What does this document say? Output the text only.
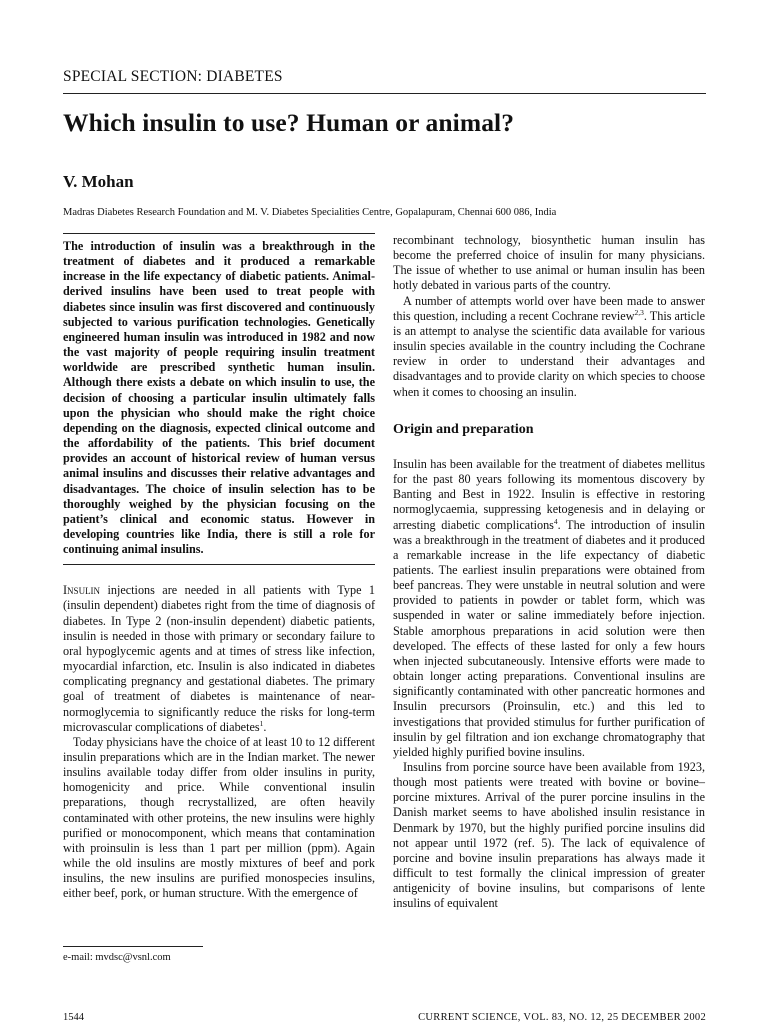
SPECIAL SECTION: DIABETES
Which insulin to use? Human or animal?
V. Mohan
Madras Diabetes Research Foundation and M. V. Diabetes Specialities Centre, Gopalapuram, Chennai 600 086, India

The introduction of insulin was a breakthrough in the treatment of diabetes and it produced a remarkable increase in the life expectancy of diabetic patients. Animal-derived insulins have been used to treat people with diabetes since insulin was first discovered and continuously subjected to various purification technologies. Genetically engineered human insulin was introduced in 1982 and now the vast majority of people requiring insulin treatment worldwide are prescribed synthetic human insulin. Although there exists a debate on which insulin to use, the decision of choosing a particular insulin ultimately falls upon the physician who should make the right choice depending on the diagnosis, expected clinical outcome and the affordability of the patients. This brief document provides an account of historical review of human versus animal insulins and discusses their relative advantages and disadvantages. The choice of insulin selection has to be thoroughly weighed by the physician focusing on the patient’s clinical and economic status. However in developing countries like India, there is still a role for continuing animal insulins.

Insulin injections are needed in all patients with Type 1 (insulin dependent) diabetes right from the time of diagnosis of diabetes. In Type 2 (non-insulin dependent) diabetic patients, insulin is needed in those with primary or secondary failure to oral hypoglycemic agents and at times of stress like infection, myocardial infarction, etc. Insulin is also indicated in diabetes complicating pregnancy and gestational diabetes. The primary goal of treatment of diabetes is maintenance of near-normoglycemia to significantly reduce the risks for long-term microvascular complications of diabetes$^1$.

Today physicians have the choice of at least 10 to 12 different insulin preparations which are in the Indian market. The newer insulins available today differ from older insulins in purity, homogenicity and price. While conventional insulin preparations, though recrystallized, are often heavily contaminated with other proteins, the new insulins were highly purified or monocomponent, which means that contamination with proinsulin is less than 1 part per million (ppm). Again while the old insulins are mostly mixtures of beef and pork insulins, the new insulins are purified monospecies insulins, either beef, pork, or human structure. With the emergence of

recombinant technology, biosynthetic human insulin has become the preferred choice of insulin for many physicians. The issue of whether to use animal or human insulin has been hotly debated in various parts of the country.

A number of attempts world over have been made to answer this question, including a recent Cochrane review$^{2,3}$. This article is an attempt to analyse the scientific data available for various insulin species available in the country including the Cochrane review in order to understand their advantages and disadvantages and to provide clarity on which species to choose when it comes to choosing an insulin.

Origin and preparation

Insulin has been available for the treatment of diabetes mellitus for the past 80 years following its momentous discovery by Banting and Best in 1922. Insulin is effective in restoring normoglycaemia, suppressing ketogenesis and in delaying or arresting diabetic complications$^4$. The introduction of insulin was a breakthrough in the treatment of diabetes and it produced a remarkable increase in the life expectancy of diabetic patients. The earliest insulin preparations were obtained from beef pancreas. They were unstable in neutral solution and were provided to patients in powder or tablet form, which was suspended in water or saline immediately before injection. Stable amorphous preparations in acid solution were then developed. The effects of these lasted for only a few hours when injected subcutaneously. Intensive efforts were made to obtain longer acting preparations. Conventional insulins are significantly contaminated with other pancreatic hormones and Insulin precursors (Proinsulin, etc.) and this led to investigations that provided stimulus for further purification of insulin by gel filtration and ion exchange chromatography that yielded highly purified bovine insulins.

Insulins from porcine source have been available from 1923, though most patients were treated with bovine or bovine–porcine mixtures. Arrival of the purer porcine insulins in the Danish market seems to have abolished insulin resistance in Denmark by 1970, but the highly purified porcine insulins did not appear until 1972 (ref. 5). The lack of equivalence of porcine and bovine insulin preparations has always made it difficult to test formally the clinical impression of greater antigenicity of bovine insulins, but comparisons of lente insulins of equivalent

e-mail: mvdsc@vsnl.com
1544	CURRENT SCIENCE, VOL. 83, NO. 12, 25 DECEMBER 2002
